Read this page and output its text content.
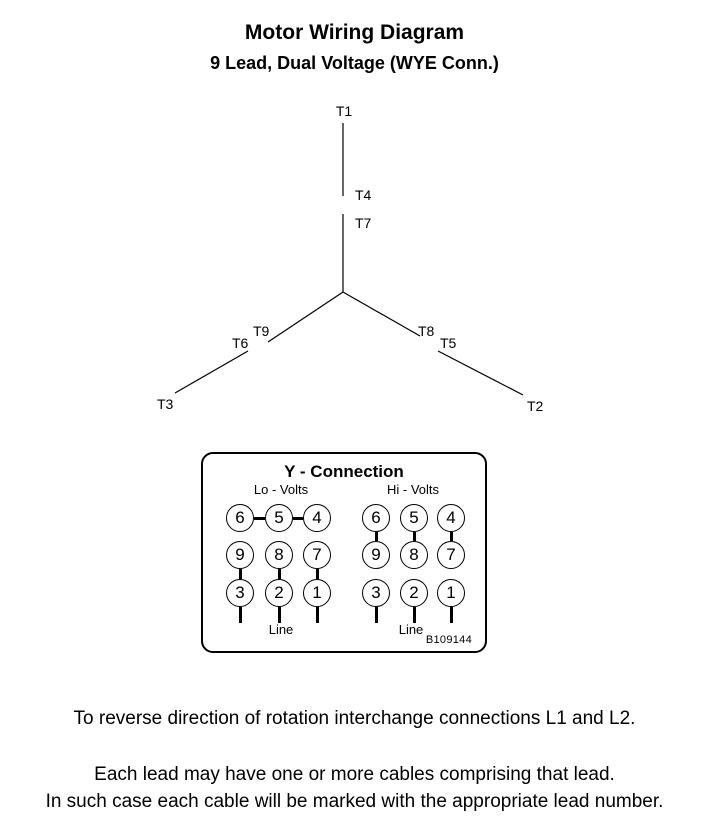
Motor Wiring Diagram
9 Lead, Dual Voltage (WYE Conn.)
T1
T4
T7
T9
T6
T3
T8
T5
T2
Y - Connection
Lo - Volts	Hi - Volts
6	5	4
9	8	7
3	2	1
6	5	4
9	8	7
3	2	1
Line	Line
B109144
To reverse direction of rotation interchange connections L1 and L2.
Each lead may have one or more cables comprising that lead.
In such case each cable will be marked with the appropriate lead number.
